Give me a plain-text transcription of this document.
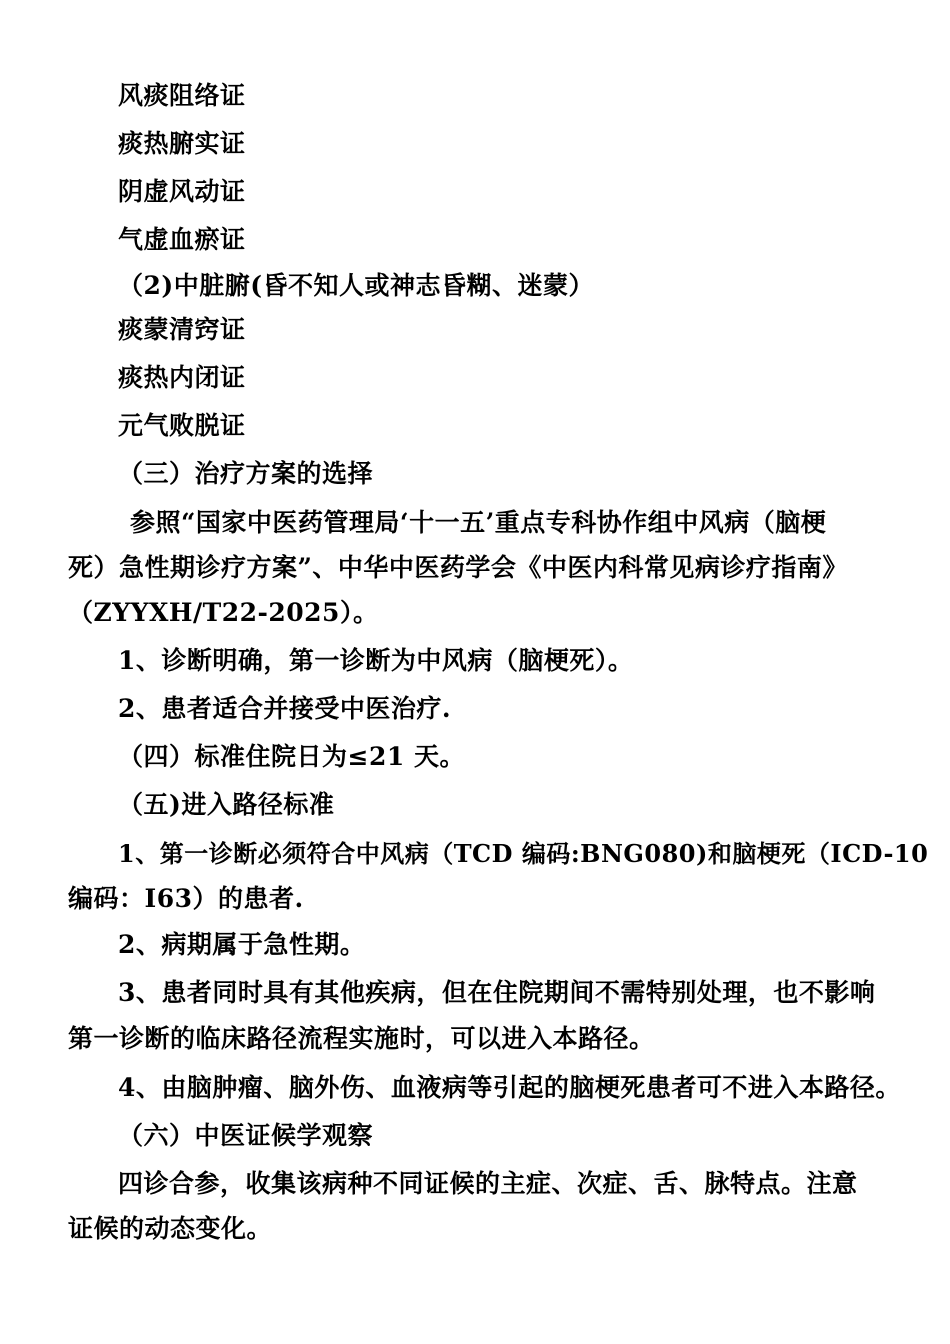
风痰阻络证
痰热腑实证
阴虚风动证
气虚血瘀证
（2)中脏腑(昏不知人或神志昏糊、迷蒙）
痰蒙清窍证
痰热内闭证
元气败脱证
（三）治疗方案的选择
参照“国家中医药管理局‘十一五’重点专科协作组中风病（脑梗
死）急性期诊疗方案”、中华中医药学会《中医内科常见病诊疗指南》
（ZYYXH/T22-2025）。
1、诊断明确，第一诊断为中风病（脑梗死）。
2、患者适合并接受中医治疗.
（四）标准住院日为≤21 天。
（五)进入路径标准
1、第一诊断必须符合中风病（TCD 编码:BNG080)和脑梗死（ICD-10
编码：I63）的患者.
2、病期属于急性期。
3、患者同时具有其他疾病，但在住院期间不需特别处理，也不影响
第一诊断的临床路径流程实施时，可以进入本路径。
4、由脑肿瘤、脑外伤、血液病等引起的脑梗死患者可不进入本路径。
（六）中医证候学观察
四诊合参，收集该病种不同证候的主症、次症、舌、脉特点。注意
证候的动态变化。
